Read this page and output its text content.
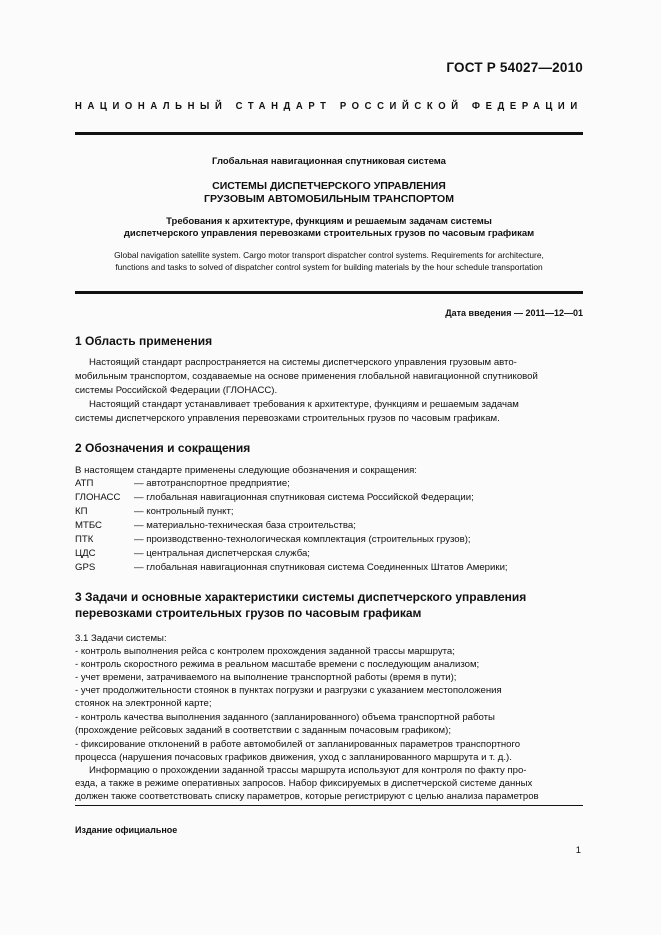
ГОСТ Р 54027—2010
НАЦИОНАЛЬНЫЙ СТАНДАРТ РОССИЙСКОЙ ФЕДЕРАЦИИ
Глобальная навигационная спутниковая система
СИСТЕМЫ ДИСПЕТЧЕРСКОГО УПРАВЛЕНИЯ
ГРУЗОВЫМ АВТОМОБИЛЬНЫМ ТРАНСПОРТОМ
Требования к архитектуре, функциям и решаемым задачам системы
диспетчерского управления перевозками строительных грузов по часовым графикам
Global navigation satellite system. Cargo motor transport dispatcher control systems. Requirements for architecture,
functions and tasks to solved of dispatcher control system for building materials by the hour schedule transportation
Дата введения — 2011—12—01
1 Область применения
Настоящий стандарт распространяется на системы диспетчерского управления грузовым авто-
мобильным транспортом, создаваемые на основе применения глобальной навигационной спутниковой
системы Российской Федерации (ГЛОНАСС).
Настоящий стандарт устанавливает требования к архитектуре, функциям и решаемым задачам
системы диспетчерского управления перевозками строительных грузов по часовым графикам.
2 Обозначения и сокращения
В настоящем стандарте применены следующие обозначения и сокращения:
АТП	— автотранспортное предприятие;
ГЛОНАСС — глобальная навигационная спутниковая система Российской Федерации;
КП	— контрольный пункт;
МТБС	— материально-техническая база строительства;
ПТК	— производственно-технологическая комплектация (строительных грузов);
ЦДС	— центральная диспетчерская служба;
GPS	— глобальная навигационная спутниковая система Соединенных Штатов Америки;
3 Задачи и основные характеристики системы диспетчерского управления
перевозками строительных грузов по часовым графикам
3.1 Задачи системы:
- контроль выполнения рейса с контролем прохождения заданной трассы маршрута;
- контроль скоростного режима в реальном масштабе времени с последующим анализом;
- учет времени, затрачиваемого на выполнение транспортной работы (время в пути);
- учет продолжительности стоянок в пунктах погрузки и разгрузки с указанием местоположения
стоянок на электронной карте;
- контроль качества выполнения заданного (запланированного) объема транспортной работы
(прохождение рейсовых заданий в соответствии с заданным почасовым графиком);
- фиксирование отклонений в работе автомобилей от запланированных параметров транспортного
процесса (нарушения почасовых графиков движения, уход с запланированного маршрута и т. д.).
Информацию о прохождении заданной трассы маршрута используют для контроля по факту про-
езда, а также в режиме оперативных запросов. Набор фиксируемых в диспетчерской системе данных
должен также соответствовать списку параметров, которые регистрируют с целью анализа параметров
Издание официальное
1
